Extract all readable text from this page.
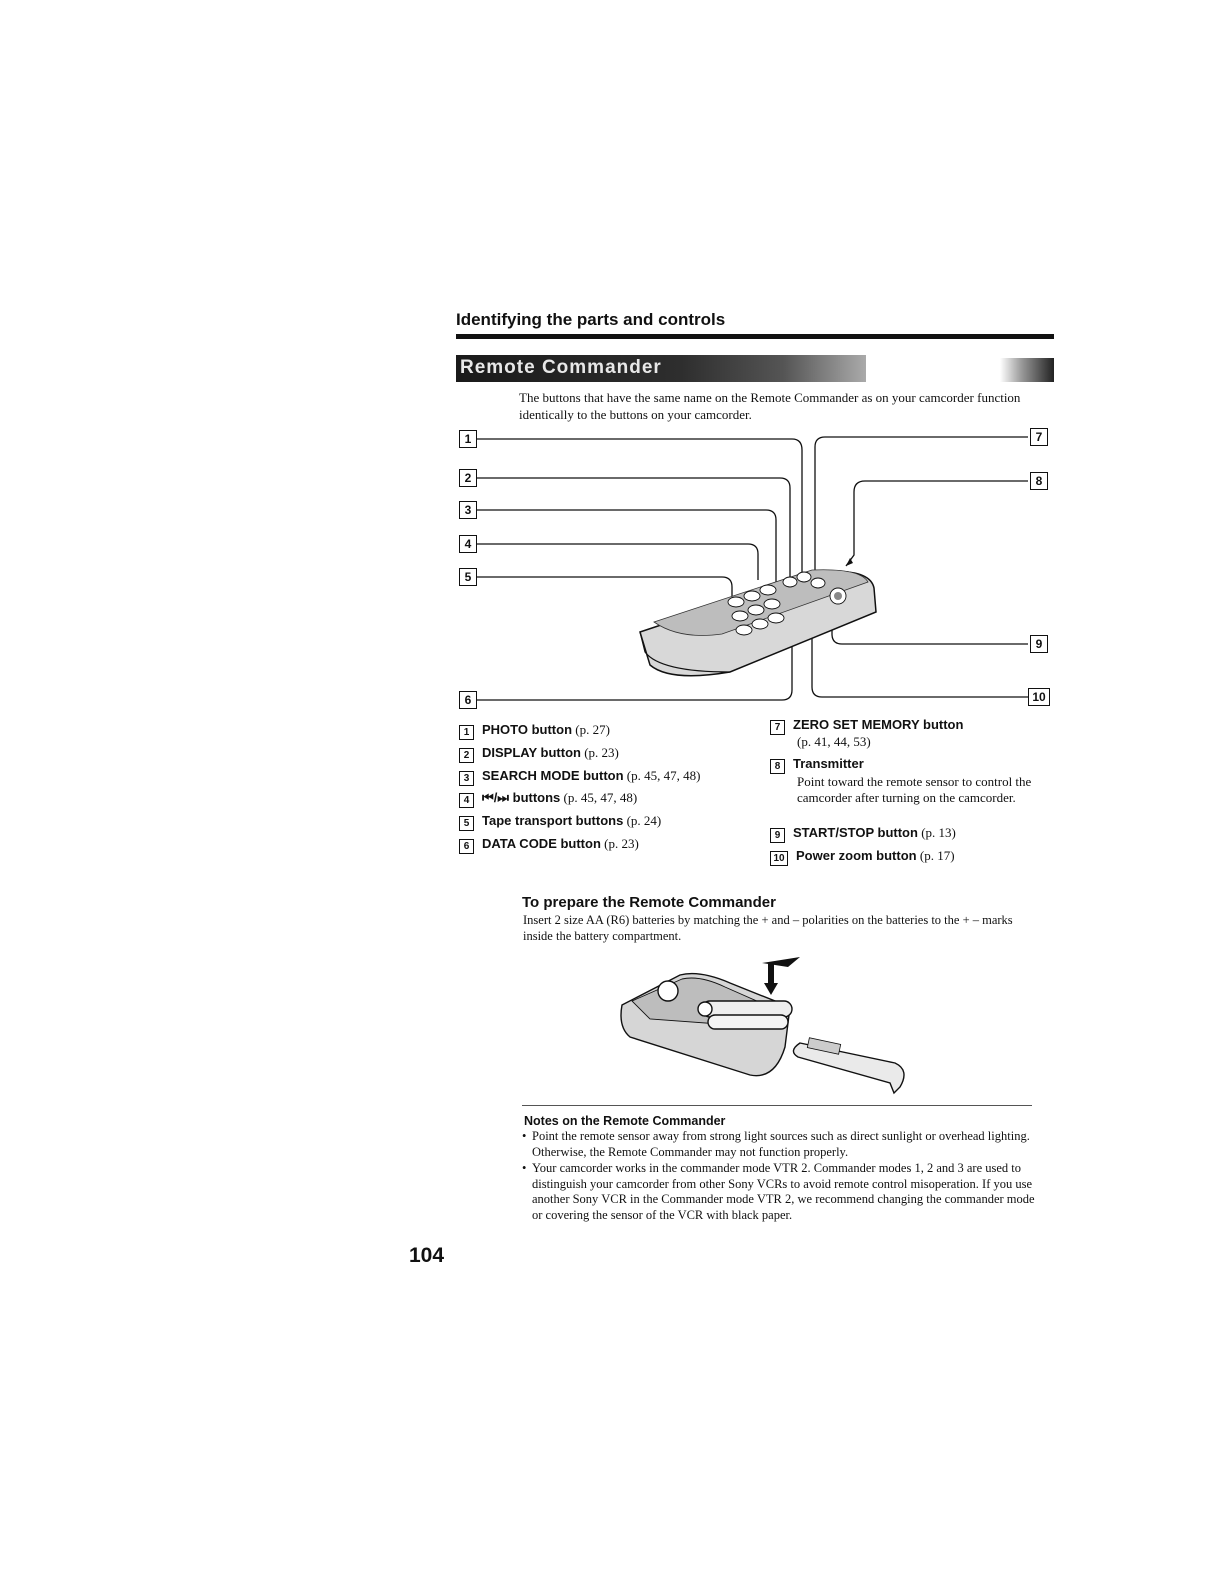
Identifying the parts and controls
Remote Commander
The buttons that have the same name on the Remote Commander as on your camcorder function identically to the buttons on your camcorder.
1
2
3
4
5
6
7
8
9
10
1 PHOTO button (p. 27)
2 DISPLAY button (p. 23)
3 SEARCH MODE button (p. 45, 47, 48)
4 ⏮/⏭ buttons (p. 45, 47, 48)
5 Tape transport buttons (p. 24)
6 DATA CODE button (p. 23)
7 ZERO SET MEMORY button
(p. 41, 44, 53)
8 Transmitter
Point toward the remote sensor to control the camcorder after turning on the camcorder.
9 START/STOP button (p. 13)
10 Power zoom button (p. 17)
To prepare the Remote Commander
Insert 2 size AA (R6) batteries by matching the + and – polarities on the batteries to the + – marks inside the battery compartment.
Notes on the Remote Commander
• Point the remote sensor away from strong light sources such as direct sunlight or overhead lighting. Otherwise, the Remote Commander may not function properly.
• Your camcorder works in the commander mode VTR 2. Commander modes 1, 2 and 3 are used to distinguish your camcorder from other Sony VCRs to avoid remote control misoperation. If you use another Sony VCR in the Commander mode VTR 2, we recommend changing the commander mode or covering the sensor of the VCR with black paper.
104
